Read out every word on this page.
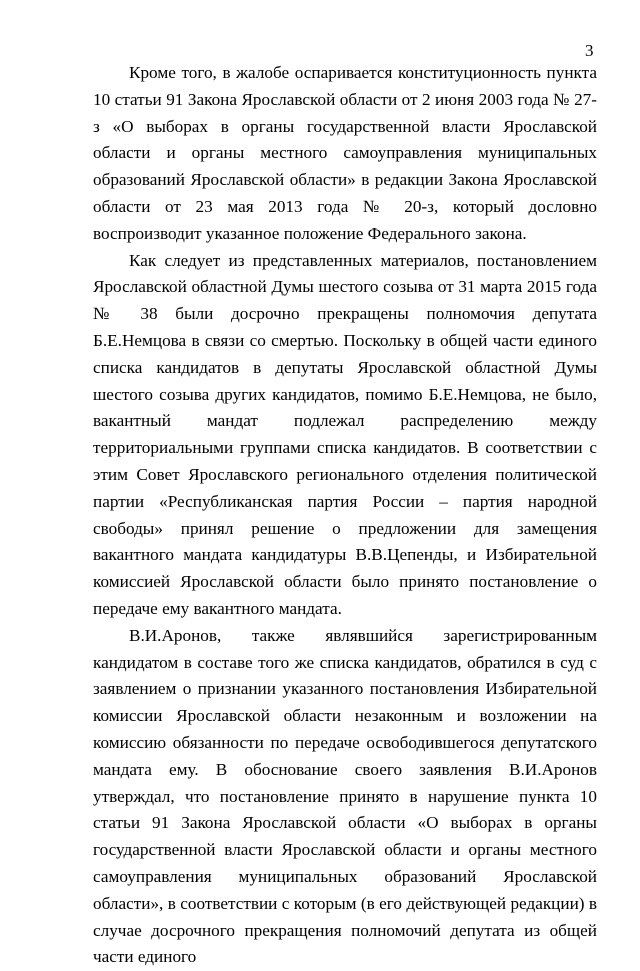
3

Кроме того, в жалобе оспаривается конституционность пункта 10 статьи 91 Закона Ярославской области от 2 июня 2003 года № 27-з «О выборах в органы государственной власти Ярославской области и органы местного самоуправления муниципальных образований Ярославской области» в редакции Закона Ярославской области от 23 мая 2013 года № 20-з, который дословно воспроизводит указанное положение Федерального закона.

Как следует из представленных материалов, постановлением Ярославской областной Думы шестого созыва от 31 марта 2015 года № 38 были досрочно прекращены полномочия депутата Б.Е.Немцова в связи со смертью. Поскольку в общей части единого списка кандидатов в депутаты Ярославской областной Думы шестого созыва других кандидатов, помимо Б.Е.Немцова, не было, вакантный мандат подлежал распределению между территориальными группами списка кандидатов. В соответствии с этим Совет Ярославского регионального отделения политической партии «Республиканская партия России – партия народной свободы» принял решение о предложении для замещения вакантного мандата кандидатуры В.В.Цепенды, и Избирательной комиссией Ярославской области было принято постановление о передаче ему вакантного мандата.

В.И.Аронов, также являвшийся зарегистрированным кандидатом в составе того же списка кандидатов, обратился в суд с заявлением о признании указанного постановления Избирательной комиссии Ярославской области незаконным и возложении на комиссию обязанности по передаче освободившегося депутатского мандата ему. В обоснование своего заявления В.И.Аронов утверждал, что постановление принято в нарушение пункта 10 статьи 91 Закона Ярославской области «О выборах в органы государственной власти Ярославской области и органы местного самоуправления муниципальных образований Ярославской области», в соответствии с которым (в его действующей редакции) в случае досрочного прекращения полномочий депутата из общей части единого
